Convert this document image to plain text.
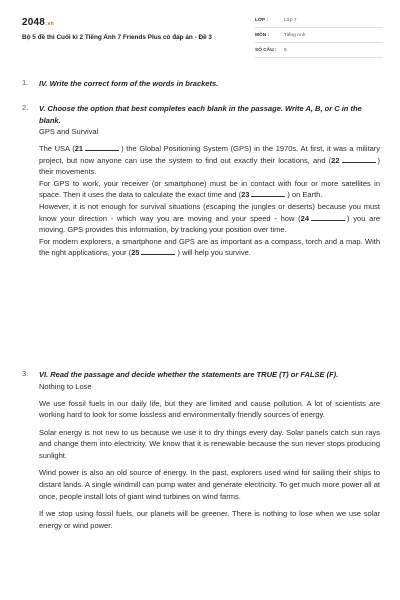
2048.vn
Bộ 5 đề thi Cuối kì 2 Tiếng Anh 7 Friends Plus có đáp án - Đề 3
LỚP :	Lớp 7
MÔN :	Tiếng Anh
SỐ CÂU : 5
1. IV. Write the correct form of the words in brackets.
2. V. Choose the option that best completes each blank in the passage. Write A, B, or C in the blank.
GPS and Survival
The USA (21	) the Global Positioning System (GPS) in the 1970s. At first, it was a military project, but now anyone can use the system to find out exactly their locations, and (22	) their movements.
For GPS to work, your receiver (or smartphone) must be in contact with four or more satellites in space. Then it uses the data to calculate the exact time and (23	) on Earth.
However, it is not enough for survival situations (escaping the jungles or deserts) because you must know your direction - which way you are moving and your speed - how (24	) you are moving. GPS provides this information, by tracking your position over time.
For modern explorers, a smartphone and GPS are as important as a compass, torch and a map. With the right applications, your (25	) will help you survive.
3. VI. Read the passage and decide whether the statements are TRUE (T) or FALSE (F).
Nothing to Lose
We use fossil fuels in our daily life, but they are limited and cause pollution. A lot of scientists are working hard to look for some lossless and environmentally friendly sources of energy.
Solar energy is not new to us because we use it to dry things every day. Solar panels catch sun rays and change them into electricity. We know that it is renewable because the sun never stops producing sunlight.
Wind power is also an old source of energy. In the past, explorers used wind for sailing their ships to distant lands. A single windmill can pump water and generate electricity. To get much more power all at once, people install lots of giant wind turbines on wind farms.
If we stop using fossil fuels, our planets will be greener. There is nothing to lose when we use solar energy or wind power.
